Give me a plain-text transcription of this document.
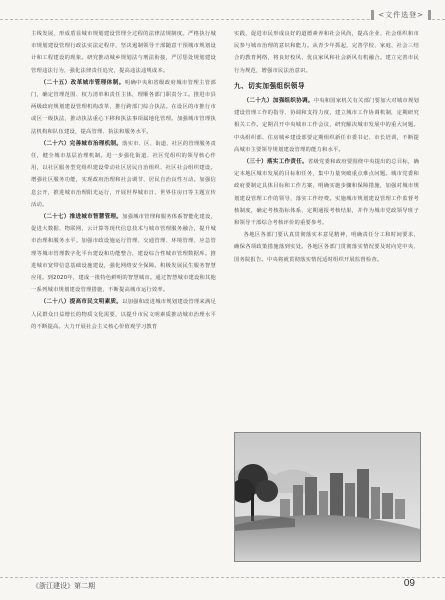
<文件选登>

主线发展，形成盾显城市规划建设管理全过程的法律法规制度。严格执行城市规划建设管理行政法实法定程序，坚决遏制领导干部随意干预城市规划设计和工程建设的现象。研究推动城乡规划法与刑法衔接，严厉惩处规划建设管理违法行为，强化法律责任追究，提高违法违规成本。

（二十五）改革城市管理体制。明确中央和省级政府城市管理主管部门，确定管理范围、权力清单和责任主体，理顺各部门职责分工。推进市县两级政府规划建设管理机构改革，推行跨部门综合执法。在设区的市推行市或区一级执法，推动执法重心下移和执法事项属地化管理。加强城市管理执法机构和队伍建设，提高管理、执法和服务水平。

（二十六）完善城市治理机制。落实市、区、街道、社区的管理服务责任，健全城市基层治理机制。进一步强化街道、社区党组织的领导核心作用，以社区服务型党组织建设带动社区居民自治组织、社区社会组织建设。增强社区服务功能，实现政府治理和社会调节、居民自治良性互动。加强信息公开，推进城市治理阳光运行，开展世界城市日、世界住房日等主题宣传活动。

（二十七）推进城市智慧管理。加强城市管理和服务体系智能化建设，促进大数据、物联网、云计算等现代信息技术与城市管理服务融合，提升城市治理和服务水平。加强市政设施运行管理、交通管理、环境管理、应急管理等城市管理数字化平台建设和功能整合，建设综合性城市管理数据库。推进城市宽带信息基础设施建设，强化网络安全保障。积极发展民生服务智慧应用。到2020年，建成一批特色鲜明的智慧城市。通过智慧城市建设和其他一系列城市规划建设管理措施，不断提高城市运行效率。

（二十八）提高市民文明素质。以加强和改进城市规划建设管理来满足人民群众日益增长的物质文化需要，以提升市民文明素质推动城市治理水平的不断提高。大力开展社会主义核心价值观学习教育

实践，促进市民形成良好的道德素养和社会风尚，提高企业、社会组织和市民参与城市治理的意识和能力。从青少年抓起，完善学校、家庭、社会三结合的教育网络，将良好校风、优良家风和社会新风有机融合。建立完善市民行为规范，增强市民法治意识。

九、切实加强组织领导

（二十九）加强组织协调。中央和国家机关有关部门要加大对城市规划建设管理工作的指导、协调和支持力度，建立城市工作协调机制，定期研究相关工作。定期召开中央城市工作会议，研究解决城市发展中的重大问题。中央组织部、住房城乡建设部要定期组织新任市委书记、市长培训，不断提高城市主要领导规划建设管理的能力和水平。

（三十）落实工作责任。省级党委和政府要围绕中央提出的总目标，确定本地区城市发展的目标和任务，集中力量突破重点难点问题。城市党委和政府要制定具体目标和工作方案，明确实施步骤和保障措施，加强对城市规划建设管理工作的领导，落实工作经费。实施城市规划建设管理工作监督考核制度，确定考核指标体系，定期通报考核结果，并作为城市党政领导班子和领导干部综合考核评价的重要参考。

各地区各部门要认真贯彻落实本意见精神，明确责任分工和时间要求，确保各项政策措施落到实处。各地区各部门贯彻落实情况要及时向党中央、国务院报告。中央将就贯彻落实情况适时组织开展监督检查。

《浙江建设》第二期	09
